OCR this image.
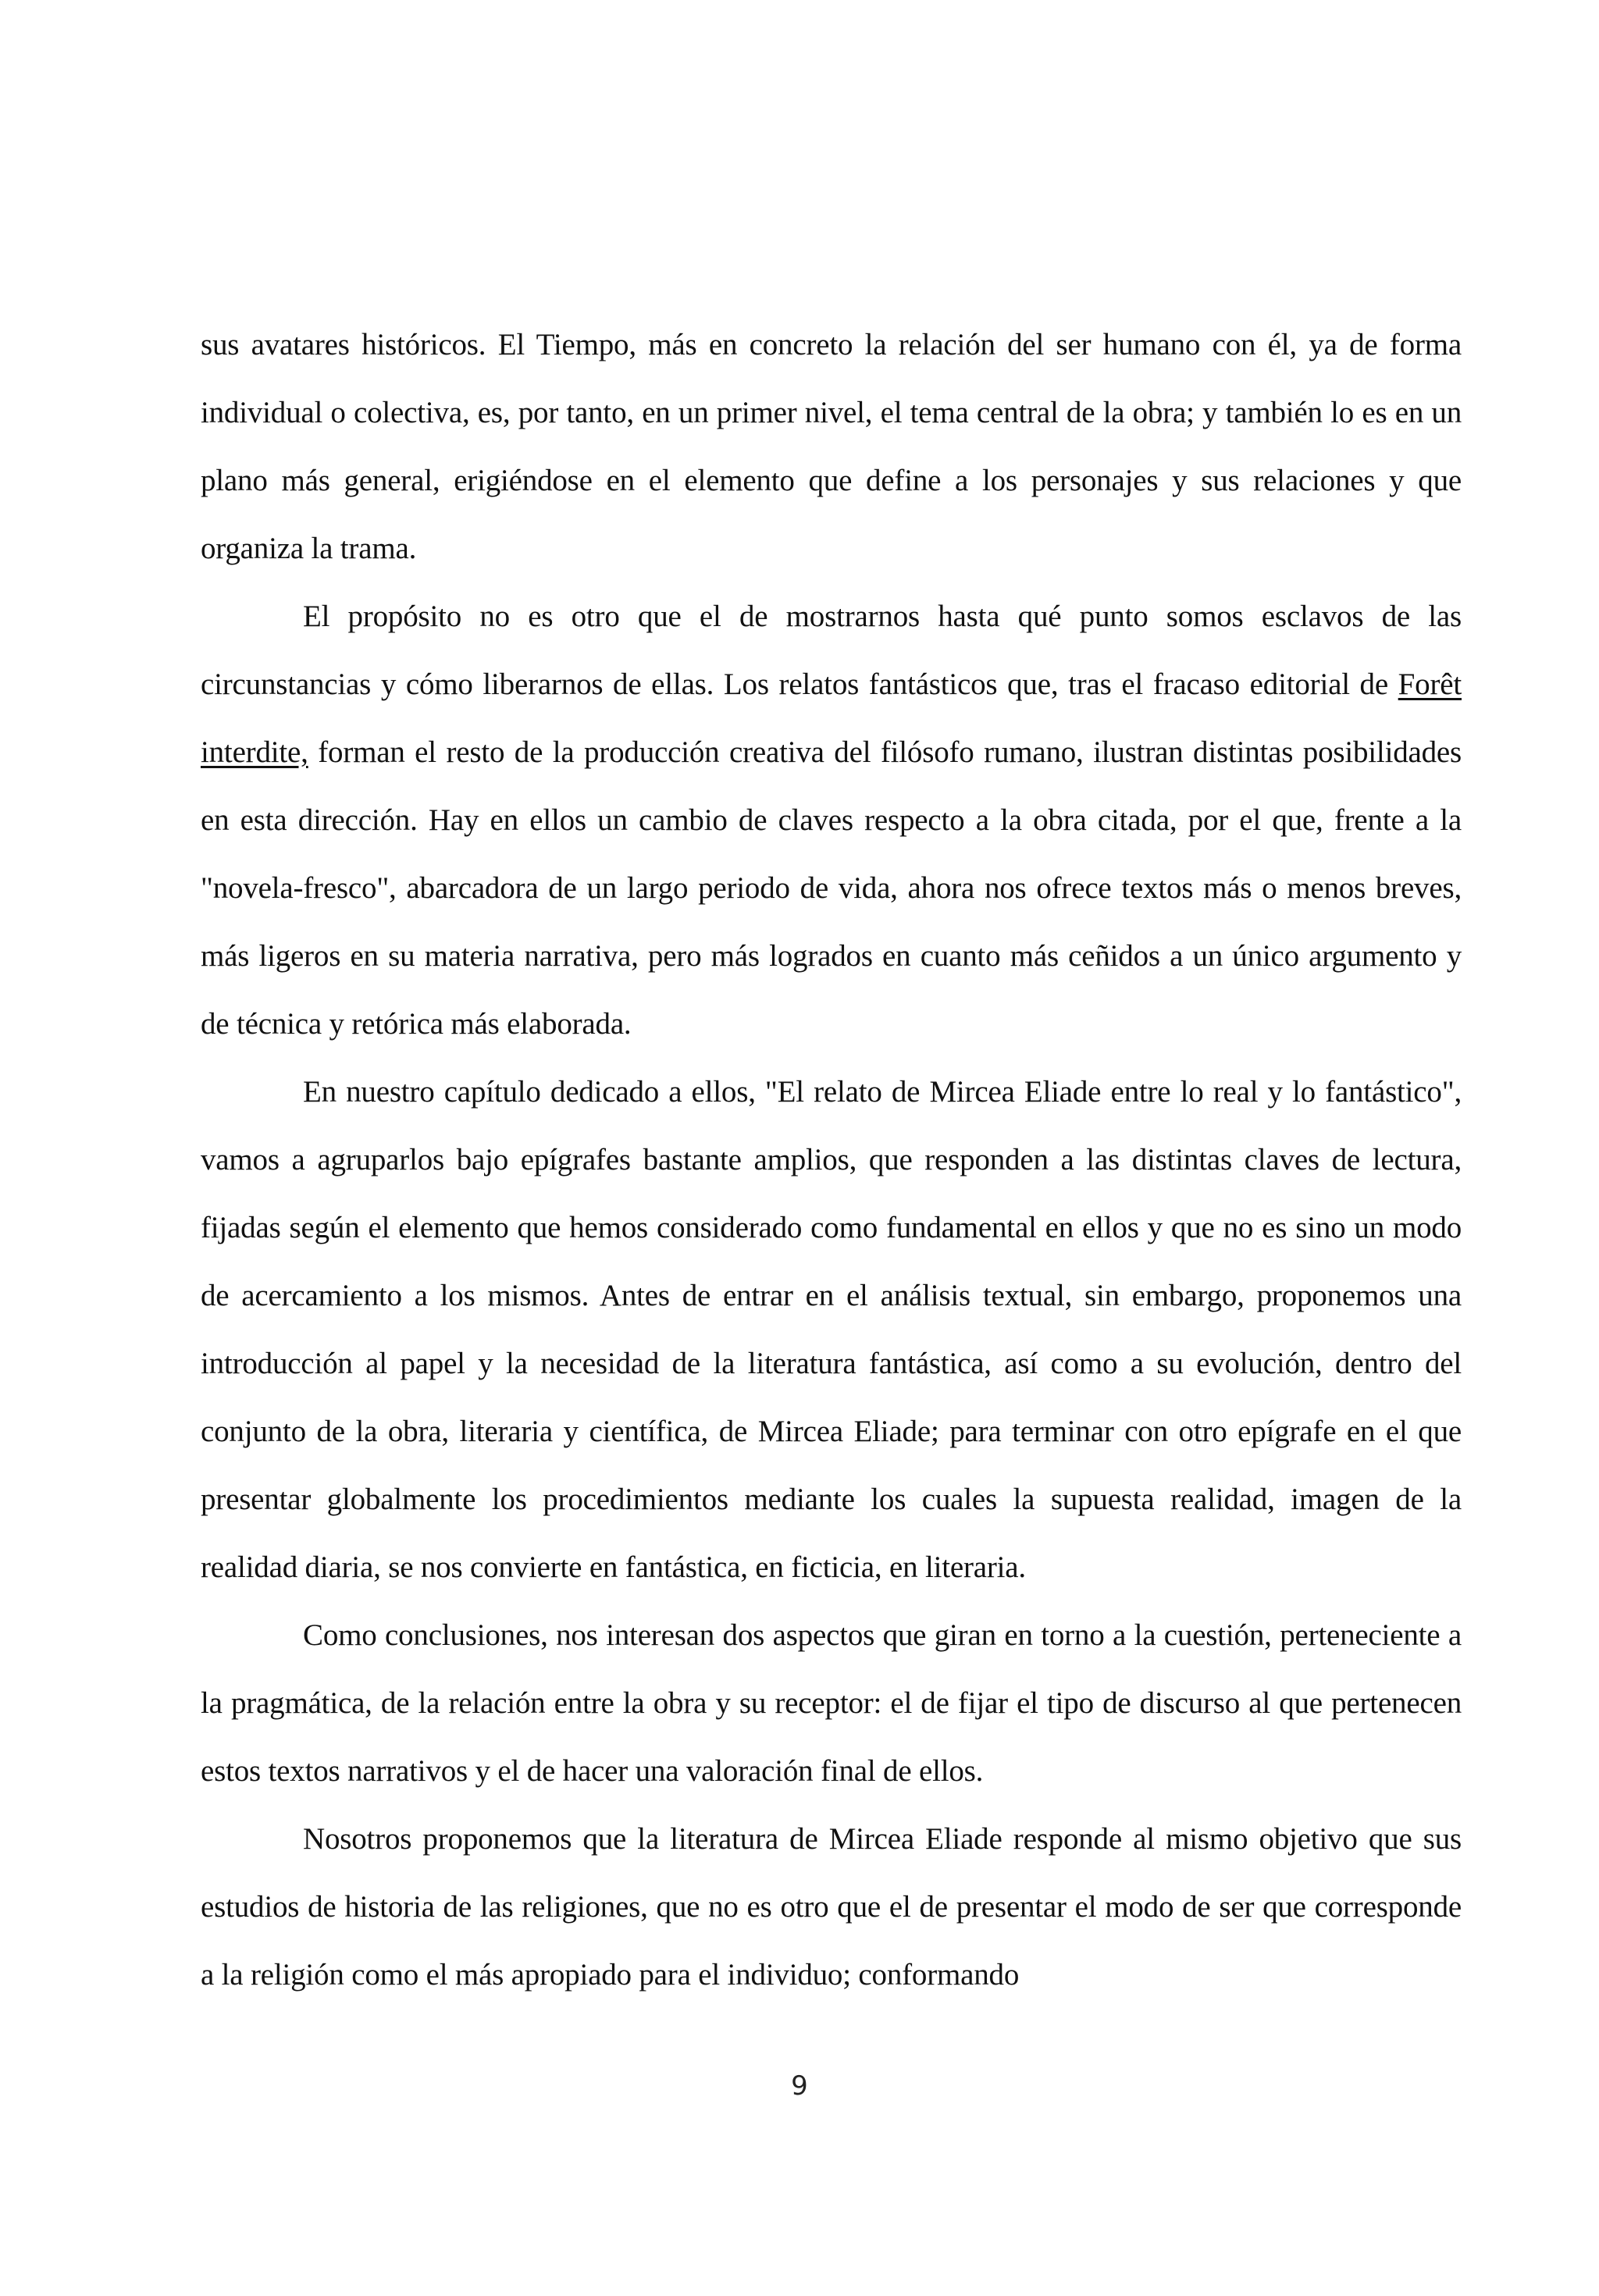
sus avatares históricos. El Tiempo, más en concreto la relación del ser humano con él, ya de forma individual o colectiva, es, por tanto, en un primer nivel, el tema central de la obra; y también lo es en un plano más general, erigiéndose en el elemento que define a los personajes y sus relaciones y que organiza la trama.

El propósito no es otro que el de mostrarnos hasta qué punto somos esclavos de las circunstancias y cómo liberarnos de ellas. Los relatos fantásticos que, tras el fracaso editorial de Forêt interdite, forman el resto de la producción creativa del filósofo rumano, ilustran distintas posibilidades en esta dirección. Hay en ellos un cambio de claves respecto a la obra citada, por el que, frente a la "novela-fresco", abarcadora de un largo periodo de vida, ahora nos ofrece textos más o menos breves, más ligeros en su materia narrativa, pero más logrados en cuanto más ceñidos a un único argumento y de técnica y retórica más elaborada.

En nuestro capítulo dedicado a ellos, "El relato de Mircea Eliade entre lo real y lo fantástico", vamos a agruparlos bajo epígrafes bastante amplios, que responden a las distintas claves de lectura, fijadas según el elemento que hemos considerado como fundamental en ellos y que no es sino un modo de acercamiento a los mismos. Antes de entrar en el análisis textual, sin embargo, proponemos una introducción al papel y la necesidad de la literatura fantástica, así como a su evolución, dentro del conjunto de la obra, literaria y científica, de Mircea Eliade; para terminar con otro epígrafe en el que presentar globalmente los procedimientos mediante los cuales la supuesta realidad, imagen de la realidad diaria, se nos convierte en fantástica, en ficticia, en literaria.

Como conclusiones, nos interesan dos aspectos que giran en torno a la cuestión, perteneciente a la pragmática, de la relación entre la obra y su receptor: el de fijar el tipo de discurso al que pertenecen estos textos narrativos y el de hacer una valoración final de ellos.

Nosotros proponemos que la literatura de Mircea Eliade responde al mismo objetivo que sus estudios de historia de las religiones, que no es otro que el de presentar el modo de ser que corresponde a la religión como el más apropiado para el individuo; conformando

9
